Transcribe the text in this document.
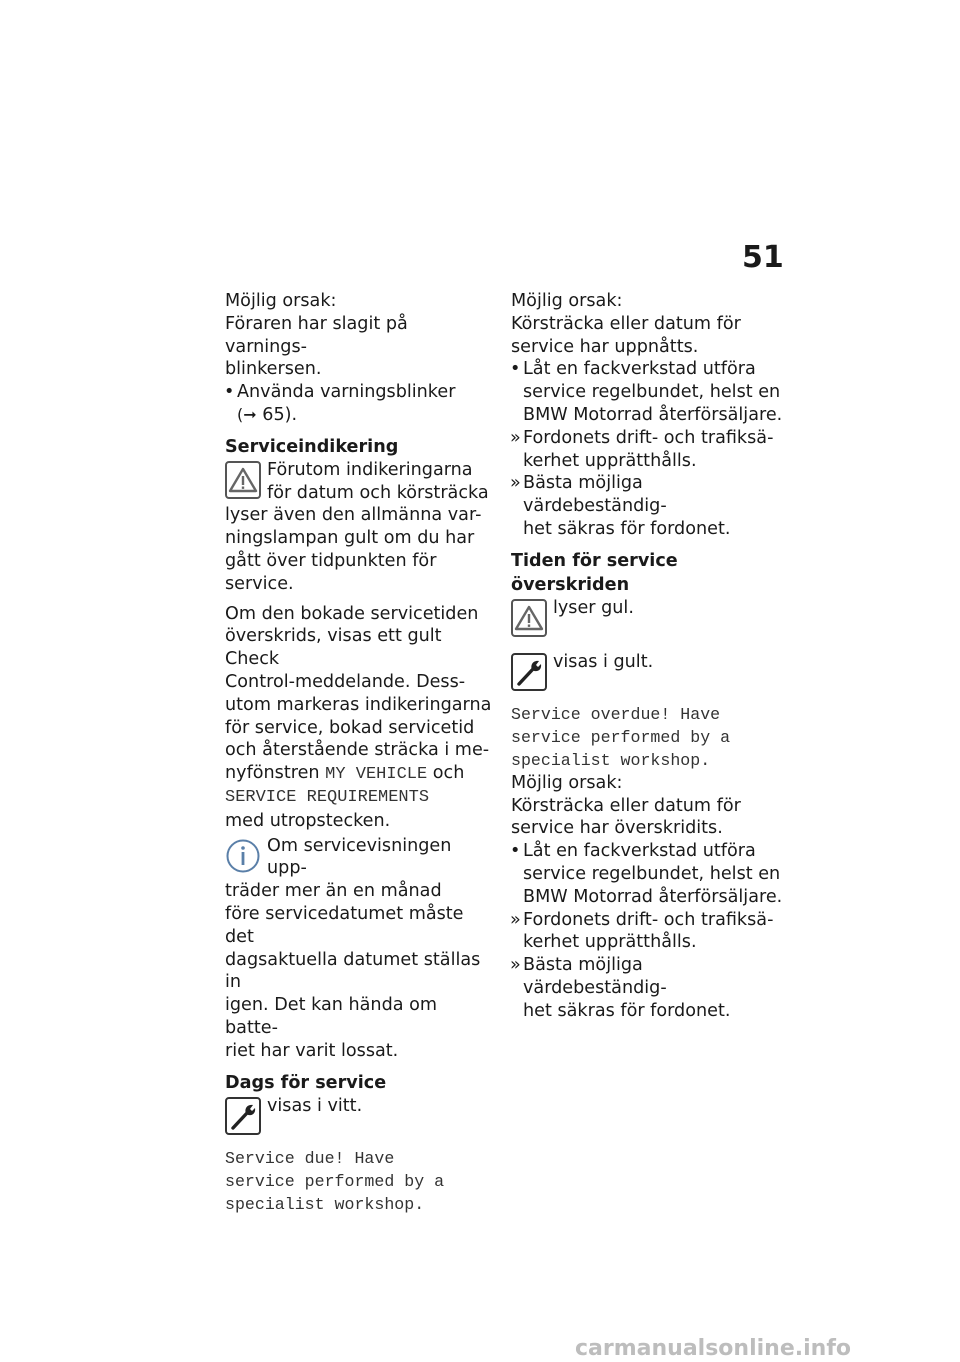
51

Möjlig orsak:

Föraren har slagit på varnings-

blinkersen.

• Använda varningsblinker

(➞ 65).

Serviceindikering

Förutom indikeringarna

för datum och körsträcka

lyser även den allmänna var-

ningslampan gult om du har

gått över tidpunkten för service.

Om den bokade servicetiden

överskrids, visas ett gult Check

Control-meddelande. Dess-

utom markeras indikeringarna

för service, bokad servicetid

och återstående sträcka i me-

nyfönstren MY VEHICLE och

SERVICE REQUIREMENTS

med utropstecken.

Om servicevisningen upp-

träder mer än en månad

före servicedatumet måste det

dagsaktuella datumet ställas in

igen. Det kan hända om batte-

riet har varit lossat.

Dags för service

visas i vitt.

Service due! Have

service performed by a

specialist workshop.

Möjlig orsak:

Körsträcka eller datum för

service har uppnåtts.

• Låt en fackverkstad utföra

service regelbundet, helst en

BMW Motorrad återförsäljare.

» Fordonets drift- och trafiksä-

kerhet upprätthålls.

» Bästa möjliga värdebeständig-

het säkras för fordonet.

Tiden för service överskriden

lyser gul.

visas i gult.

Service overdue! Have

service performed by a

specialist workshop.

Möjlig orsak:

Körsträcka eller datum för

service har överskridits.

• Låt en fackverkstad utföra

service regelbundet, helst en

BMW Motorrad återförsäljare.

» Fordonets drift- och trafiksä-

kerhet upprätthålls.

» Bästa möjliga värdebeständig-

het säkras för fordonet.

carmanualsonline.info
